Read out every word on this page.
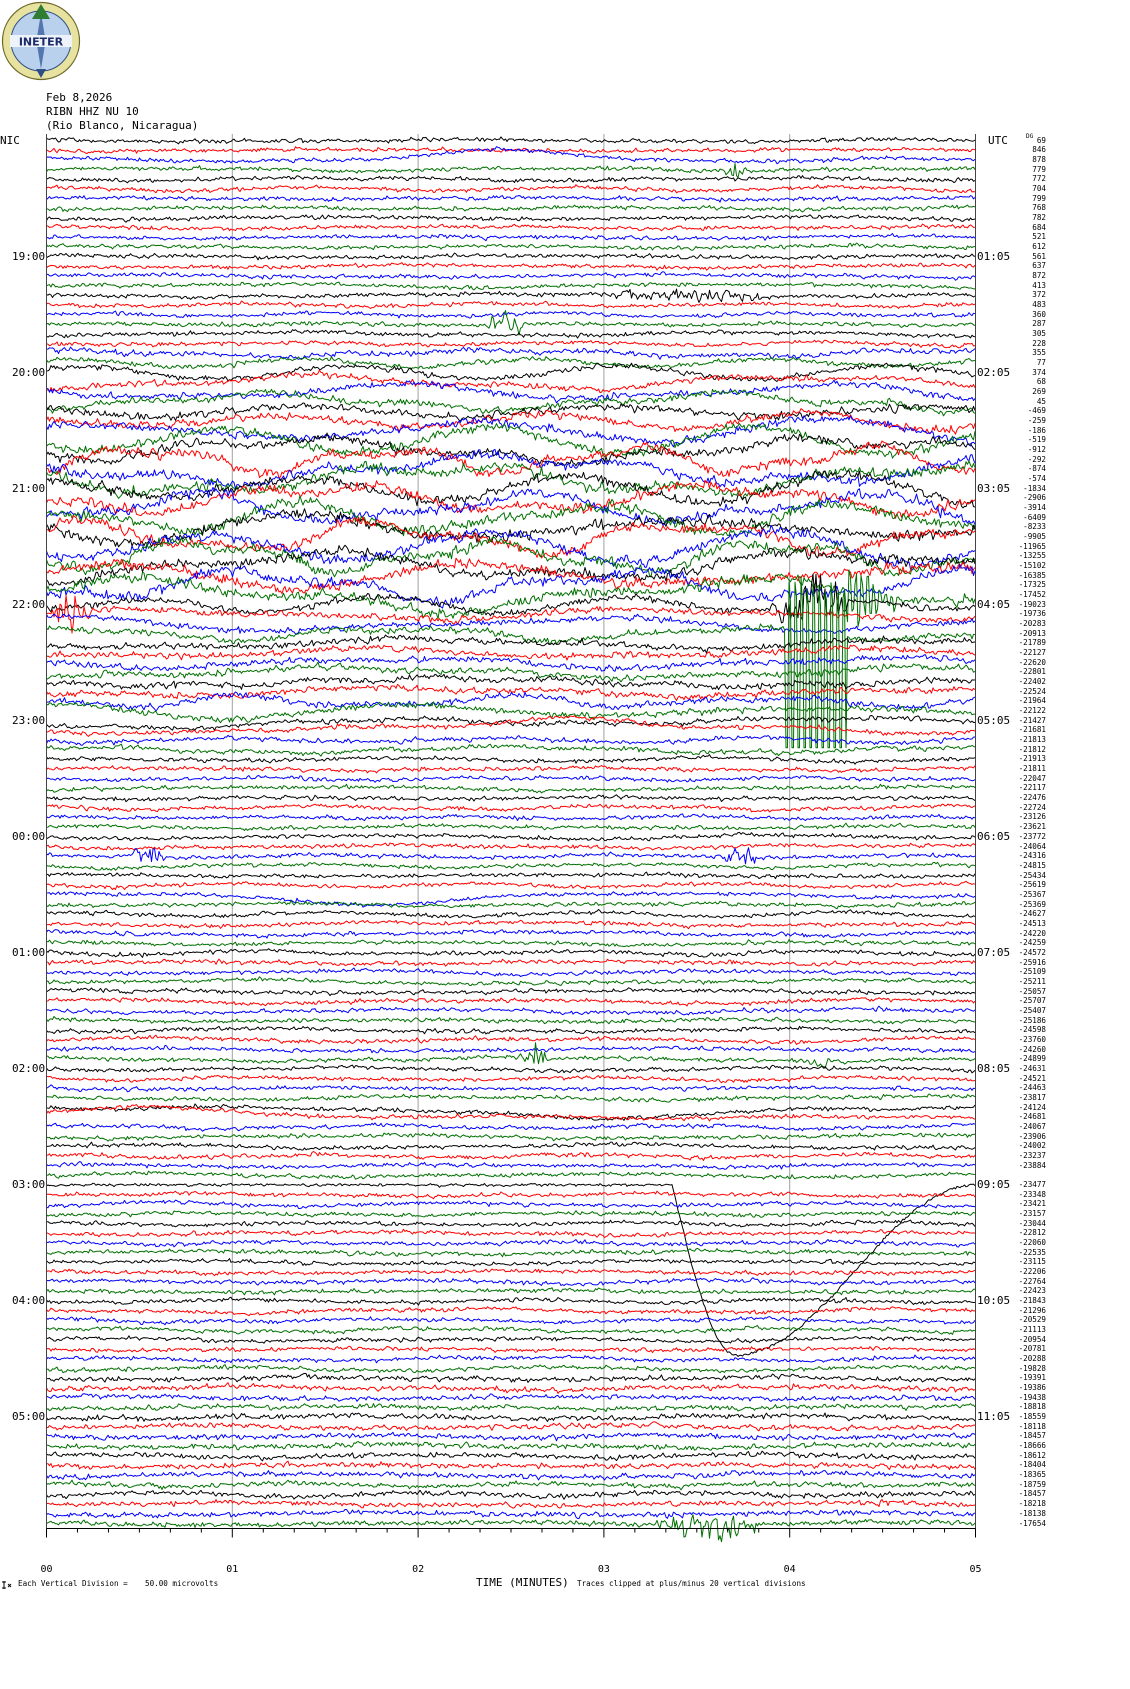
INETER
Feb 8,2026
RIBN HHZ NU 10
(Rio Blanco, Nicaragua)
NIC	UTC	DG
00	01	02	03	04	05
19:00
20:00
21:00
22:00
23:00
00:00
01:00
02:00
03:00
04:00
05:00
01:05
02:05
03:05
04:05
05:05
06:05
07:05
08:05
09:05
10:05
11:05
69
846
878
779
772
704
799
768
782
684
521
612
561
637
872
413
372
483
360
287
305
228
355
77
374
68
269
45
-469
-259
-186
-519
-912
-292
-874
-574
-1834
-2906
-3914
-6409
-8233
-9905
-11965
-13255
-15102
-16385
-17325
-17452
-19023
-19736
-20283
-20913
-21789
-22127
-22620
-22801
-22402
-22524
-21964
-22122
-21427
-21681
-21813
-21812
-21913
-21811
-22047
-22117
-22476
-22724
-23126
-23621
-23772
-24064
-24316
-24815
-25434
-25619
-25367
-25369
-24627
-24513
-24220
-24259
-24572
-25916
-25109
-25211
-25057
-25707
-25407
-25186
-24598
-23760
-24260
-24899
-24631
-24521
-24463
-23817
-24124
-24681
-24067
-23906
-24002
-23237
-23884
-23477
-23348
-23421
-23157
-23044
-22812
-22060
-22535
-23115
-22206
-22764
-22423
-21843
-21296
-20529
-21113
-20954
-20781
-20288
-19828
-19391
-19386
-19438
-18818
-18559
-18118
-18457
-18666
-18612
-18404
-18365
-18759
-18457
-18218
-18138
-17654
Each Vertical Division = 50.00 microvolts	TIME (MINUTES) Traces clipped at plus/minus 20 vertical divisions
